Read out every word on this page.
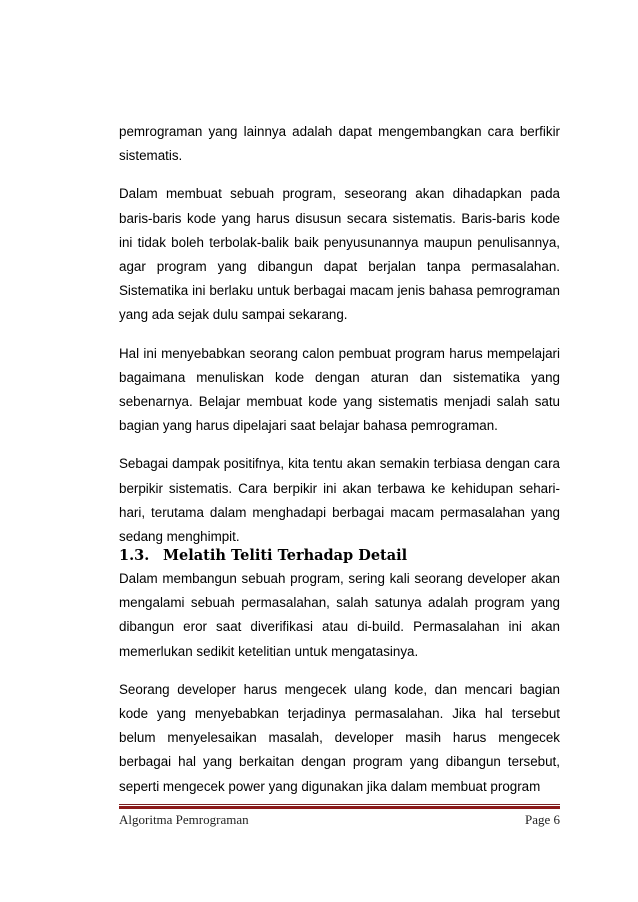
pemrograman yang lainnya adalah dapat mengembangkan cara berfikir sistematis.

Dalam membuat sebuah program, seseorang akan dihadapkan pada baris-baris kode yang harus disusun secara sistematis. Baris-baris kode ini tidak boleh terbolak-balik baik penyusunannya maupun penulisannya, agar program yang dibangun dapat berjalan tanpa permasalahan. Sistematika ini berlaku untuk berbagai macam jenis bahasa pemrograman yang ada sejak dulu sampai sekarang.

Hal ini menyebabkan seorang calon pembuat program harus mempelajari bagaimana menuliskan kode dengan aturan dan sistematika yang sebenarnya. Belajar membuat kode yang sistematis menjadi salah satu bagian yang harus dipelajari saat belajar bahasa pemrograman.

Sebagai dampak positifnya, kita tentu akan semakin terbiasa dengan cara berpikir sistematis. Cara berpikir ini akan terbawa ke kehidupan sehari-hari, terutama dalam menghadapi berbagai macam permasalahan yang sedang menghimpit.

1.3. Melatih Teliti Terhadap Detail

Dalam membangun sebuah program, sering kali seorang developer akan mengalami sebuah permasalahan, salah satunya adalah program yang dibangun eror saat diverifikasi atau di-build. Permasalahan ini akan memerlukan sedikit ketelitian untuk mengatasinya.

Seorang developer harus mengecek ulang kode, dan mencari bagian kode yang menyebabkan terjadinya permasalahan. Jika hal tersebut belum menyelesaikan masalah, developer masih harus mengecek berbagai hal yang berkaitan dengan program yang dibangun tersebut, seperti mengecek power yang digunakan jika dalam membuat program

Algoritma Pemrograman	Page 6
